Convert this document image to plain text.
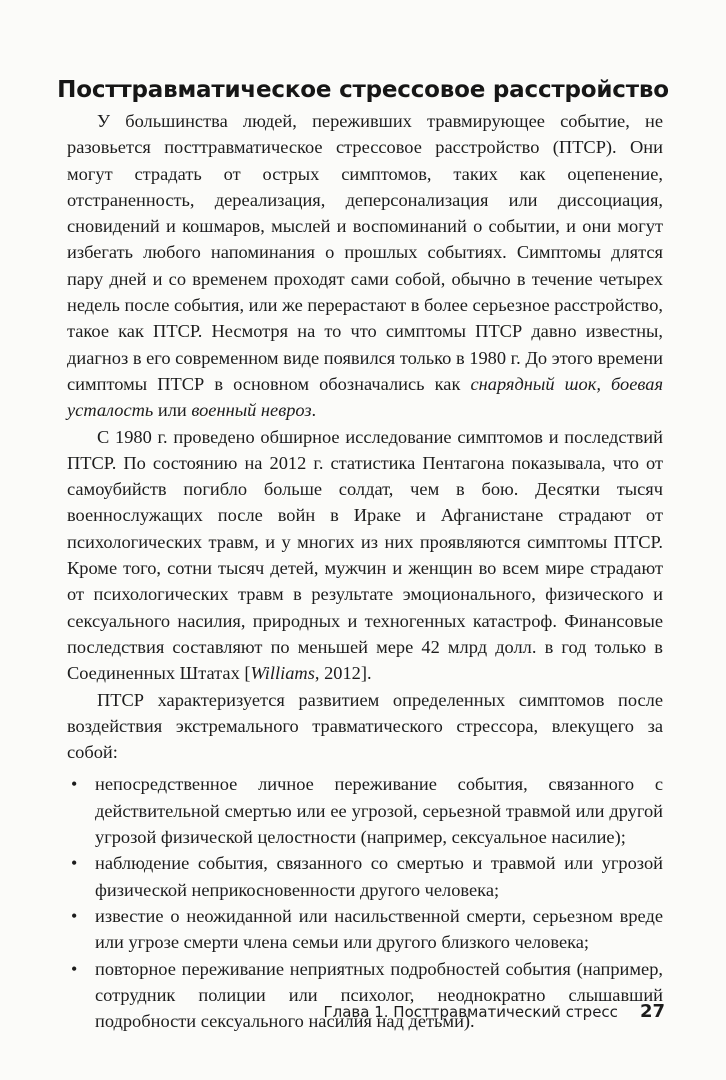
Посттравматическое стрессовое расстройство

У большинства людей, переживших травмирующее событие, не разовьется посттравматическое стрессовое расстройство (ПТСР). Они могут страдать от острых симптомов, таких как оцепенение, отстраненность, дереализация, деперсонализация или диссоциация, сновидений и кошмаров, мыслей и воспоминаний о событии, и они могут избегать любого напоминания о прошлых событиях. Симптомы длятся пару дней и со временем проходят сами собой, обычно в течение четырех недель после события, или же перерастают в более серьезное расстройство, такое как ПТСР. Несмотря на то что симптомы ПТСР давно известны, диагноз в его современном виде появился только в 1980 г. До этого времени симптомы ПТСР в основном обозначались как снарядный шок, боевая усталость или военный невроз.

С 1980 г. проведено обширное исследование симптомов и последствий ПТСР. По состоянию на 2012 г. статистика Пентагона показывала, что от самоубийств погибло больше солдат, чем в бою. Десятки тысяч военнослужащих после войн в Ираке и Афганистане страдают от психологических травм, и у многих из них проявляются симптомы ПТСР. Кроме того, сотни тысяч детей, мужчин и женщин во всем мире страдают от психологических травм в результате эмоционального, физического и сексуального насилия, природных и техногенных катастроф. Финансовые последствия составляют по меньшей мере 42 млрд долл. в год только в Соединенных Штатах [Williams, 2012].

ПТСР характеризуется развитием определенных симптомов после воздействия экстремального травматического стрессора, влекущего за собой:

• непосредственное личное переживание события, связанного с действительной смертью или ее угрозой, серьезной травмой или другой угрозой физической целостности (например, сексуальное насилие);
• наблюдение события, связанного со смертью и травмой или угрозой физической неприкосновенности другого человека;
• известие о неожиданной или насильственной смерти, серьезном вреде или угрозе смерти члена семьи или другого близкого человека;
• повторное переживание неприятных подробностей события (например, сотрудник полиции или психолог, неоднократно слышавший подробности сексуального насилия над детьми).
Глава 1. Посттравматический стресс 27
